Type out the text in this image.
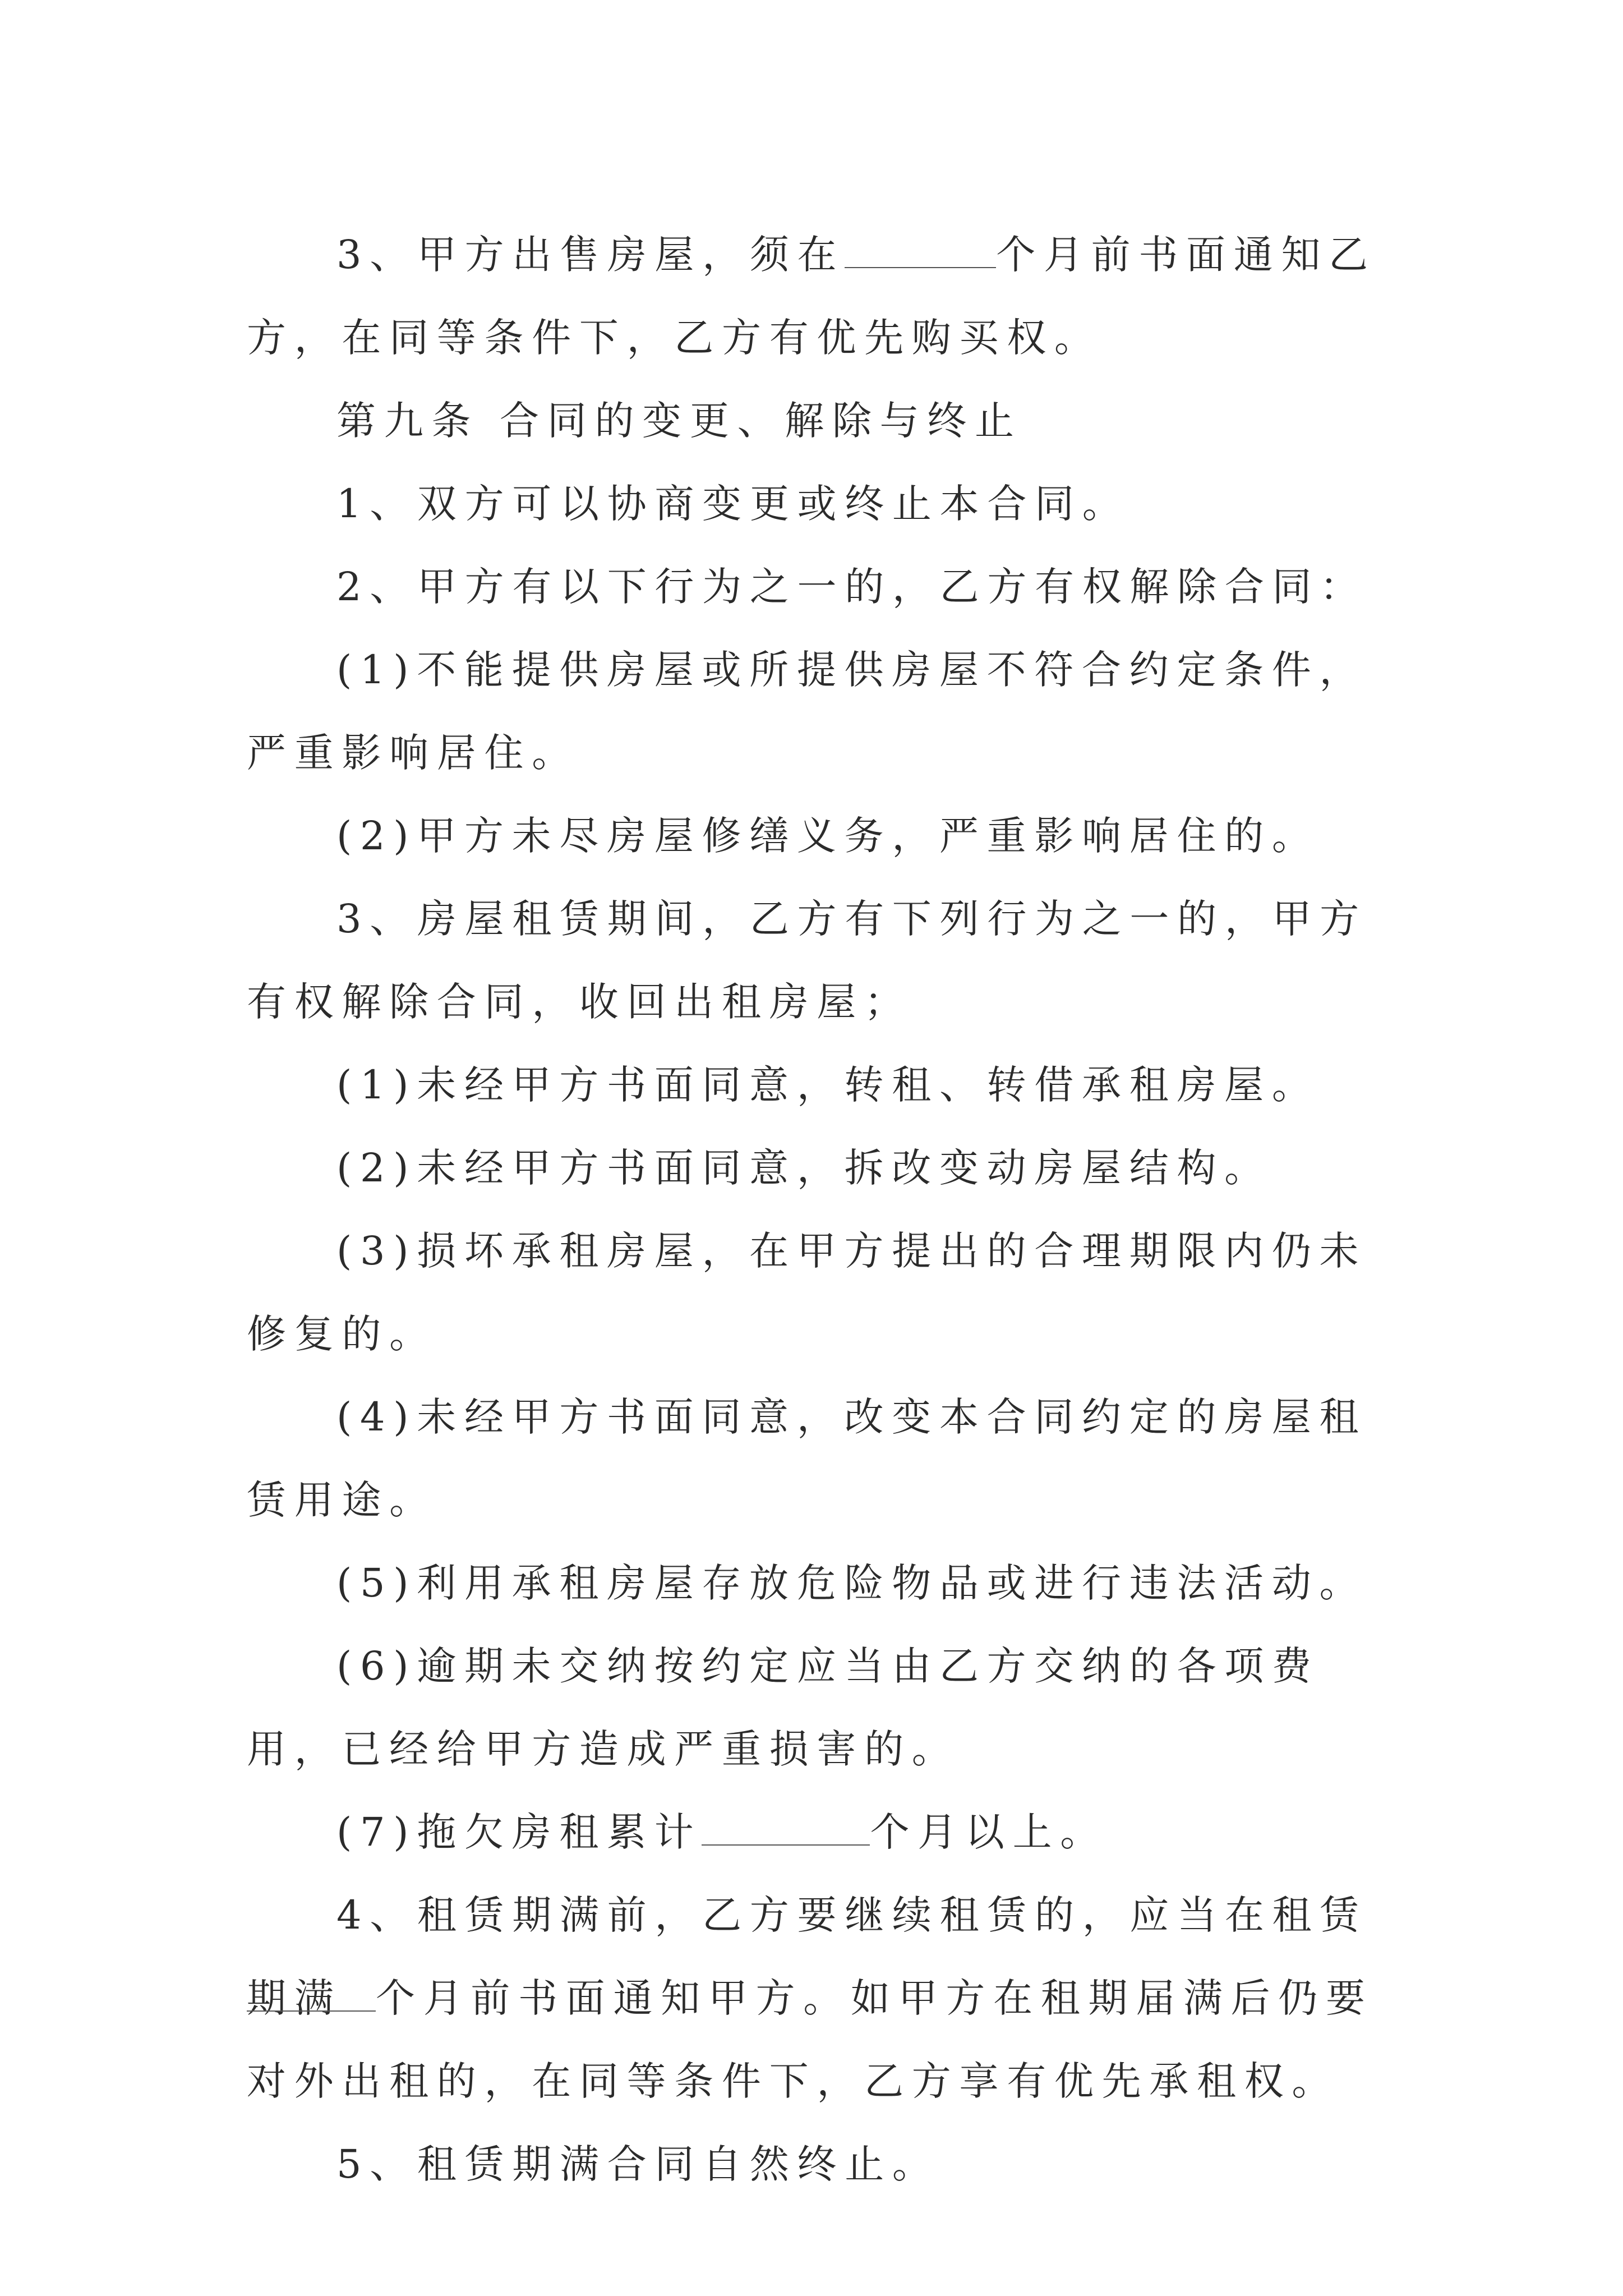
3、甲方出售房屋，须在	个月前书面通知乙方，在同等条件下，乙方有优先购买权。

第九条 合同的变更、解除与终止

1、双方可以协商变更或终止本合同。

2、甲方有以下行为之一的，乙方有权解除合同：

(1)不能提供房屋或所提供房屋不符合约定条件，严重影响居住。

(2)甲方未尽房屋修缮义务，严重影响居住的。

3、房屋租赁期间，乙方有下列行为之一的，甲方有权解除合同，收回出租房屋；

(1)未经甲方书面同意，转租、转借承租房屋。

(2)未经甲方书面同意，拆改变动房屋结构。

(3)损坏承租房屋，在甲方提出的合理期限内仍未修复的。

(4)未经甲方书面同意，改变本合同约定的房屋租赁用途。

(5)利用承租房屋存放危险物品或进行违法活动。

(6)逾期未交纳按约定应当由乙方交纳的各项费用，已经给甲方造成严重损害的。

(7)拖欠房租累计	个月以上。

4、租赁期满前，乙方要继续租赁的，应当在租赁期满 个月前书面通知甲方。如甲方在租期届满后仍要对外出租的，在同等条件下，乙方享有优先承租权。

5、租赁期满合同自然终止。
